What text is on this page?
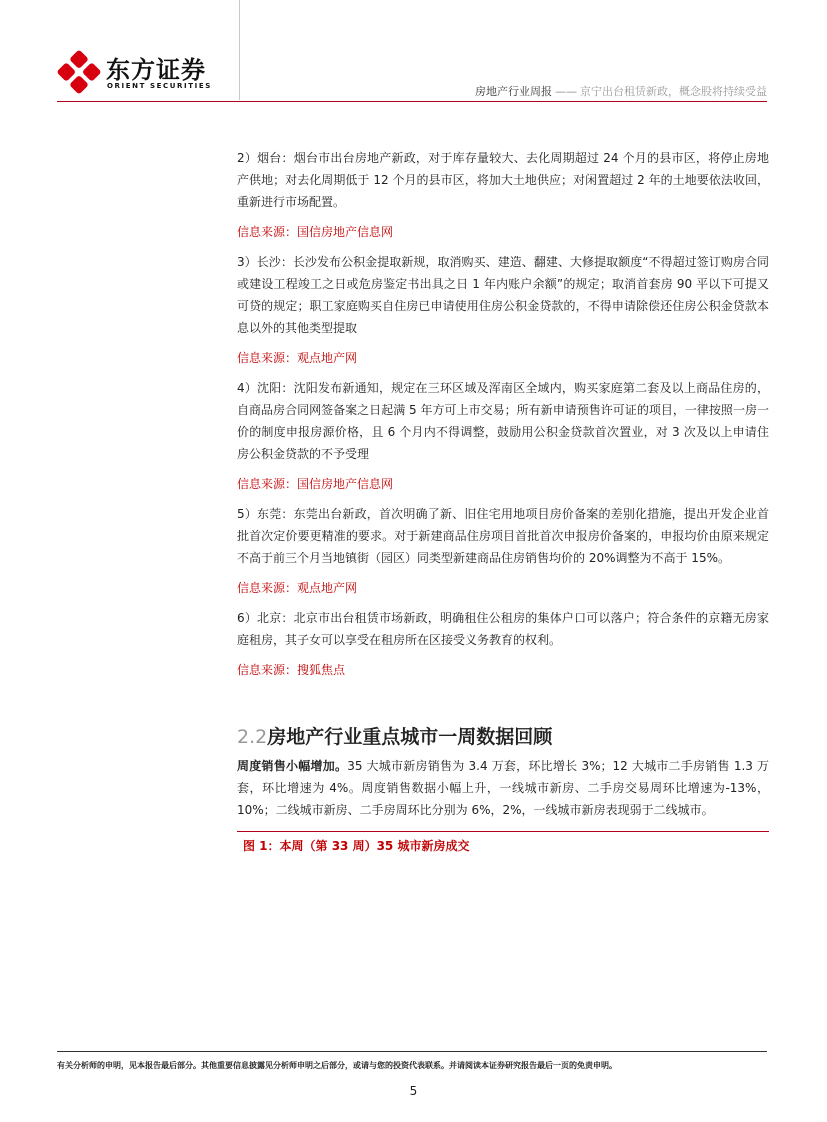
东方证券
ORIENT SECURITIES	房地产行业周报 —— 京宁出台租赁新政，概念股将持续受益

2）烟台：烟台市出台房地产新政，对于库存量较大、去化周期超过 24 个月的县市区，将停止房地产供地；对去化周期低于 12 个月的县市区，将加大土地供应；对闲置超过 2 年的土地要依法收回，重新进行市场配置。

信息来源：国信房地产信息网

3）长沙：长沙发布公积金提取新规，取消购买、建造、翻建、大修提取额度“不得超过签订购房合同或建设工程竣工之日或危房鉴定书出具之日 1 年内账户余额”的规定；取消首套房 90 平以下可提又可贷的规定；职工家庭购买自住房已申请使用住房公积金贷款的，不得申请除偿还住房公积金贷款本息以外的其他类型提取

信息来源：观点地产网

4）沈阳：沈阳发布新通知，规定在三环区域及浑南区全域内，购买家庭第二套及以上商品住房的，自商品房合同网签备案之日起满 5 年方可上市交易；所有新申请预售许可证的项目，一律按照一房一价的制度申报房源价格，且 6 个月内不得调整，鼓励用公积金贷款首次置业，对 3 次及以上申请住房公积金贷款的不予受理

信息来源：国信房地产信息网

5）东莞：东莞出台新政，首次明确了新、旧住宅用地项目房价备案的差别化措施，提出开发企业首批首次定价要更精准的要求。对于新建商品住房项目首批首次申报房价备案的，申报均价由原来规定不高于前三个月当地镇街（园区）同类型新建商品住房销售均价的 20%调整为不高于 15%。

信息来源：观点地产网

6）北京：北京市出台租赁市场新政，明确租住公租房的集体户口可以落户；符合条件的京籍无房家庭租房，其子女可以享受在租房所在区接受义务教育的权利。

信息来源：搜狐焦点

2.2房地产行业重点城市一周数据回顾

周度销售小幅增加。35 大城市新房销售为 3.4 万套，环比增长 3%；12 大城市二手房销售 1.3 万套，环比增速为 4%。周度销售数据小幅上升，一线城市新房、二手房交易周环比增速为-13%，10%；二线城市新房、二手房周环比分别为 6%，2%，一线城市新房表现弱于二线城市。

图 1：本周（第 33 周）35 城市新房成交
有关分析师的申明，见本报告最后部分。其他重要信息披露见分析师申明之后部分，或请与您的投资代表联系。并请阅读本证券研究报告最后一页的免责申明。
5
